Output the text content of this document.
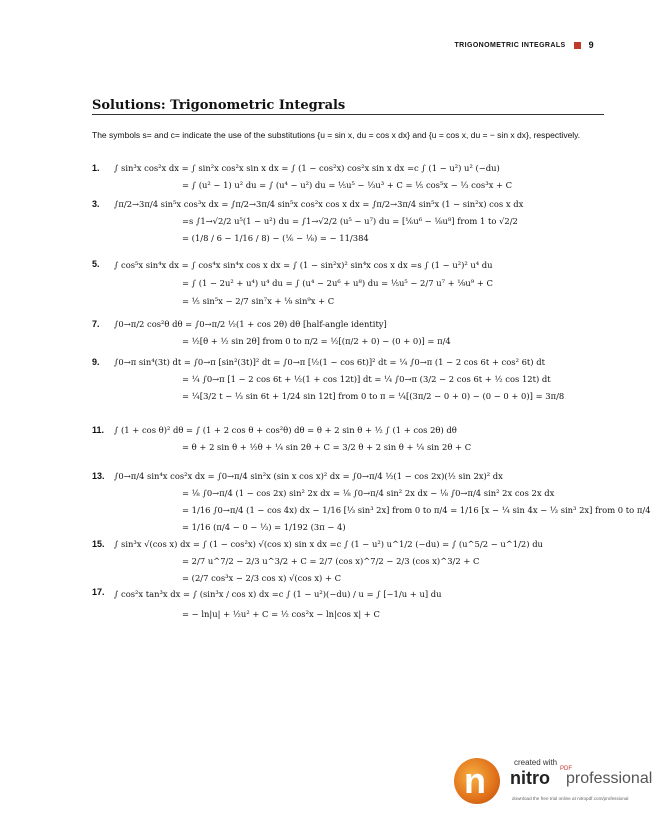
TRIGONOMETRIC INTEGRALS	9
Solutions: Trigonometric Integrals
The symbols s= and c= indicate the use of the substitutions {u = sin x, du = cos x dx} and {u = cos x, du = − sin x dx}, respectively.
1.	∫ sin³x cos²x dx = ∫ sin²x cos²x sin x dx = ∫ (1 − cos²x) cos²x sin x dx =c ∫ (1 − u²) u² (−du)
= ∫ (u² − 1) u² du = ∫ (u⁴ − u²) du = ⅕u⁵ − ⅓u³ + C = ⅕ cos⁵x − ⅓ cos³x + C
3.	∫π/2→3π/4 sin⁵x cos³x dx = ∫π/2→3π/4 sin⁵x cos²x cos x dx = ∫π/2→3π/4 sin⁵x (1 − sin²x) cos x dx
=s ∫1→√2/2 u⁵(1 − u²) du = ∫1→√2/2 (u⁵ − u⁷) du = [⅙u⁶ − ⅛u⁸] from 1 to √2/2
= (1/8 / 6 − 1/16 / 8) − (⅙ − ⅛) = − 11/384
5.	∫ cos⁵x sin⁴x dx = ∫ cos⁴x sin⁴x cos x dx = ∫ (1 − sin²x)² sin⁴x cos x dx =s ∫ (1 − u²)² u⁴ du
= ∫ (1 − 2u² + u⁴) u⁴ du = ∫ (u⁴ − 2u⁶ + u⁸) du = ⅕u⁵ − 2/7 u⁷ + ⅑u⁹ + C
= ⅕ sin⁵x − 2/7 sin⁷x + ⅑ sin⁹x + C
7.	∫0→π/2 cos²θ dθ = ∫0→π/2 ½(1 + cos 2θ) dθ [half-angle identity]
= ½[θ + ½ sin 2θ] from 0 to π/2 = ½[(π/2 + 0) − (0 + 0)] = π/4
9.	∫0→π sin⁴(3t) dt = ∫0→π [sin²(3t)]² dt = ∫0→π [½(1 − cos 6t)]² dt = ¼ ∫0→π (1 − 2 cos 6t + cos² 6t) dt
= ¼ ∫0→π [1 − 2 cos 6t + ½(1 + cos 12t)] dt = ¼ ∫0→π (3/2 − 2 cos 6t + ½ cos 12t) dt
= ¼[3/2 t − ⅓ sin 6t + 1/24 sin 12t] from 0 to π = ¼[(3π/2 − 0 + 0) − (0 − 0 + 0)] = 3π/8
11.	∫ (1 + cos θ)² dθ = ∫ (1 + 2 cos θ + cos²θ) dθ = θ + 2 sin θ + ½ ∫ (1 + cos 2θ) dθ
= θ + 2 sin θ + ½θ + ¼ sin 2θ + C = 3/2 θ + 2 sin θ + ¼ sin 2θ + C
13.	∫0→π/4 sin⁴x cos²x dx = ∫0→π/4 sin²x (sin x cos x)² dx = ∫0→π/4 ½(1 − cos 2x)(½ sin 2x)² dx
= ⅛ ∫0→π/4 (1 − cos 2x) sin² 2x dx = ⅛ ∫0→π/4 sin² 2x dx − ⅛ ∫0→π/4 sin² 2x cos 2x dx
= 1/16 ∫0→π/4 (1 − cos 4x) dx − 1/16 [⅓ sin³ 2x] from 0 to π/4 = 1/16 [x − ¼ sin 4x − ⅓ sin³ 2x] from 0 to π/4
= 1/16 (π/4 − 0 − ⅓) = 1/192 (3π − 4)
15.	∫ sin³x √(cos x) dx = ∫ (1 − cos²x) √(cos x) sin x dx =c ∫ (1 − u²) u^1/2 (−du) = ∫ (u^5/2 − u^1/2) du
= 2/7 u^7/2 − 2/3 u^3/2 + C = 2/7 (cos x)^7/2 − 2/3 (cos x)^3/2 + C
= (2/7 cos³x − 2/3 cos x) √(cos x) + C
17.	∫ cos²x tan³x dx = ∫ (sin³x / cos x) dx =c ∫ (1 − u²)(−du) / u = ∫ [−1/u + u] du
= − ln|u| + ½u² + C = ½ cos²x − ln|cos x| + C
n	created with
nitro PDF
professional
download the free trial online at nitropdf.com/professional
